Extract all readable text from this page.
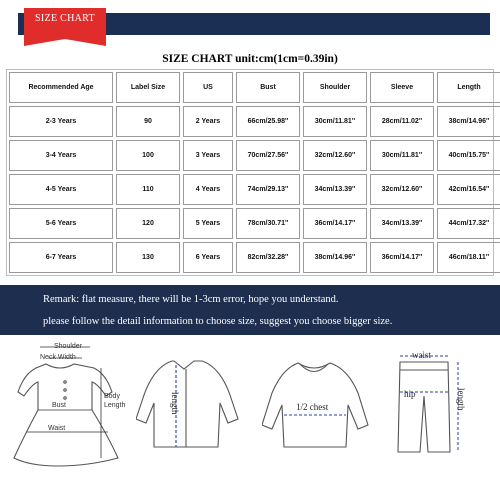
SIZE CHART
SIZE CHART unit:cm(1cm=0.39in)
Recommended Age	Label Size	US	Bust	Shoulder	Sleeve	Length
2-3 Years	90	2 Years	66cm/25.98''	30cm/11.81''	28cm/11.02''	38cm/14.96''
3-4 Years	100	3 Years	70cm/27.56''	32cm/12.60''	30cm/11.81''	40cm/15.75''
4-5 Years	110	4 Years	74cm/29.13''	34cm/13.39''	32cm/12.60''	42cm/16.54''
5-6 Years	120	5 Years	78cm/30.71''	36cm/14.17''	34cm/13.39''	44cm/17.32''
6-7 Years	130	6 Years	82cm/32.28''	38cm/14.96''	36cm/14.17''	46cm/18.11''
Remark: flat measure, there will be 1-3cm error, hope you understand.
please follow the detail information to choose size, suggest you choose bigger size.
Shoulder
Neck Width
Body
Length
Bust
Waist
length	1/2 chest
waist
hip	length
